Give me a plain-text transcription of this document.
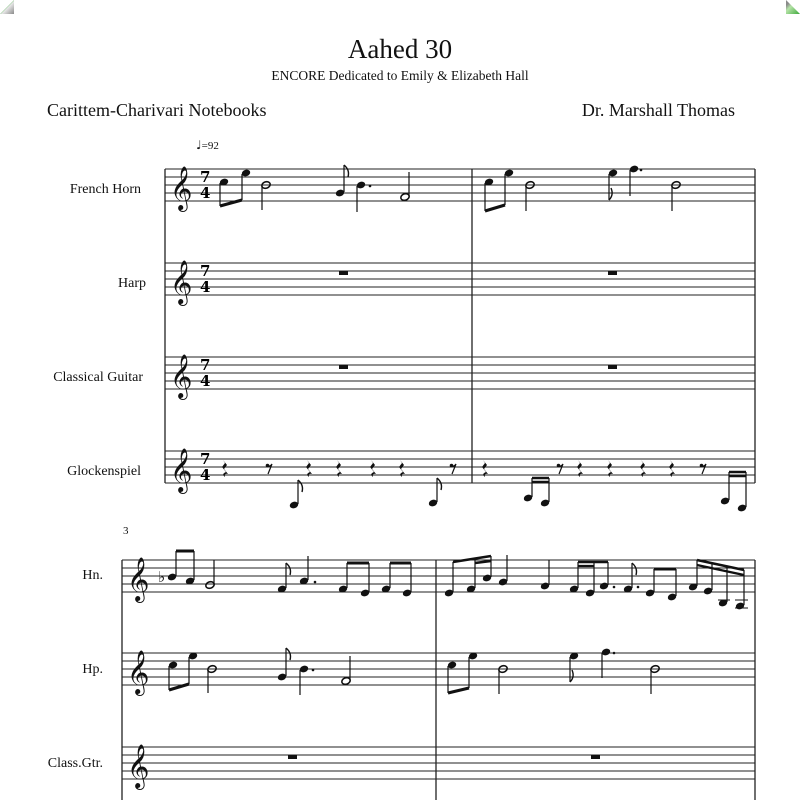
Aahed 30
ENCORE Dedicated to Emily & Elizabeth Hall
Carittem-Charivari Notebooks	Dr. Marshall Thomas
♩=92
French Horn
Harp
Classical Guitar
Glockenspiel
3
Hn.
Hp.
Class.Gtr.
7
4
𝄞
𝄞
𝄞
𝄞
𝄞 ♭
𝄞
𝄞
